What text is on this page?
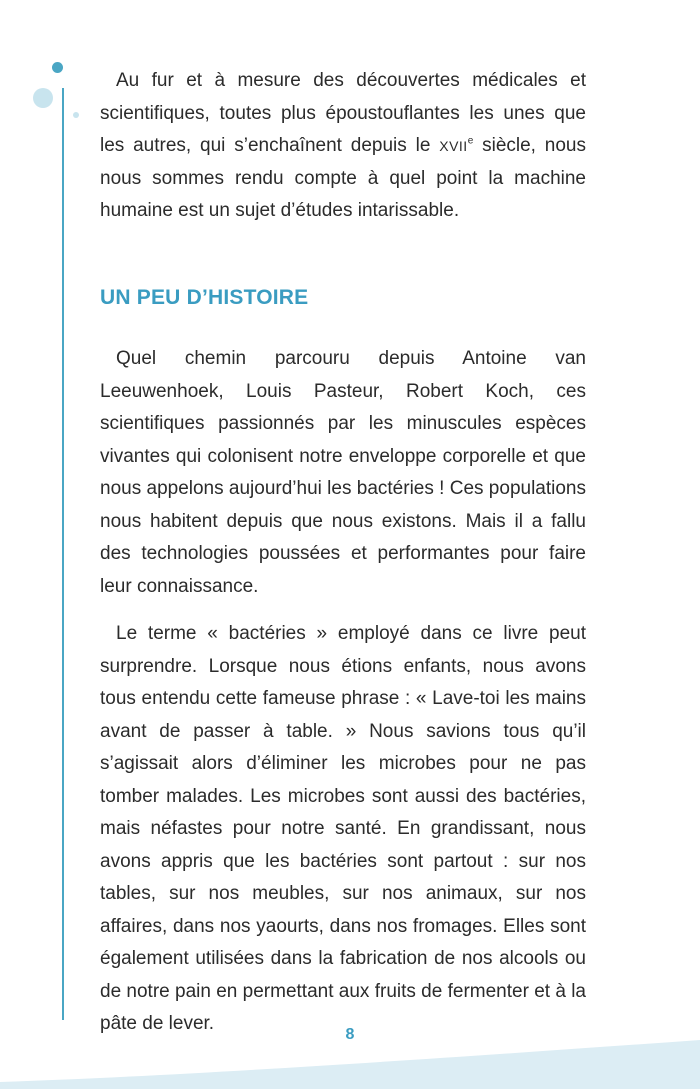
Au fur et à mesure des découvertes médicales et scientifiques, toutes plus époustouflantes les unes que les autres, qui s’enchaînent depuis le XVIIe siècle, nous nous sommes rendu compte à quel point la machine humaine est un sujet d’études intarissable.

UN PEU D’HISTOIRE

Quel chemin parcouru depuis Antoine van Leeuwenhoek, Louis Pasteur, Robert Koch, ces scientifiques passionnés par les minuscules espèces vivantes qui colonisent notre enveloppe corporelle et que nous appelons aujourd’hui les bactéries ! Ces populations nous habitent depuis que nous existons. Mais il a fallu des technologies poussées et performantes pour faire leur connaissance.

Le terme « bactéries » employé dans ce livre peut surprendre. Lorsque nous étions enfants, nous avons tous entendu cette fameuse phrase : « Lave-toi les mains avant de passer à table. » Nous savions tous qu’il s’agissait alors d’éliminer les microbes pour ne pas tomber malades. Les microbes sont aussi des bactéries, mais néfastes pour notre santé. En grandissant, nous avons appris que les bactéries sont partout : sur nos tables, sur nos meubles, sur nos animaux, sur nos affaires, dans nos yaourts, dans nos fromages. Elles sont également utilisées dans la fabrication de nos alcools ou de notre pain en permettant aux fruits de fermenter et à la pâte de lever.

8
